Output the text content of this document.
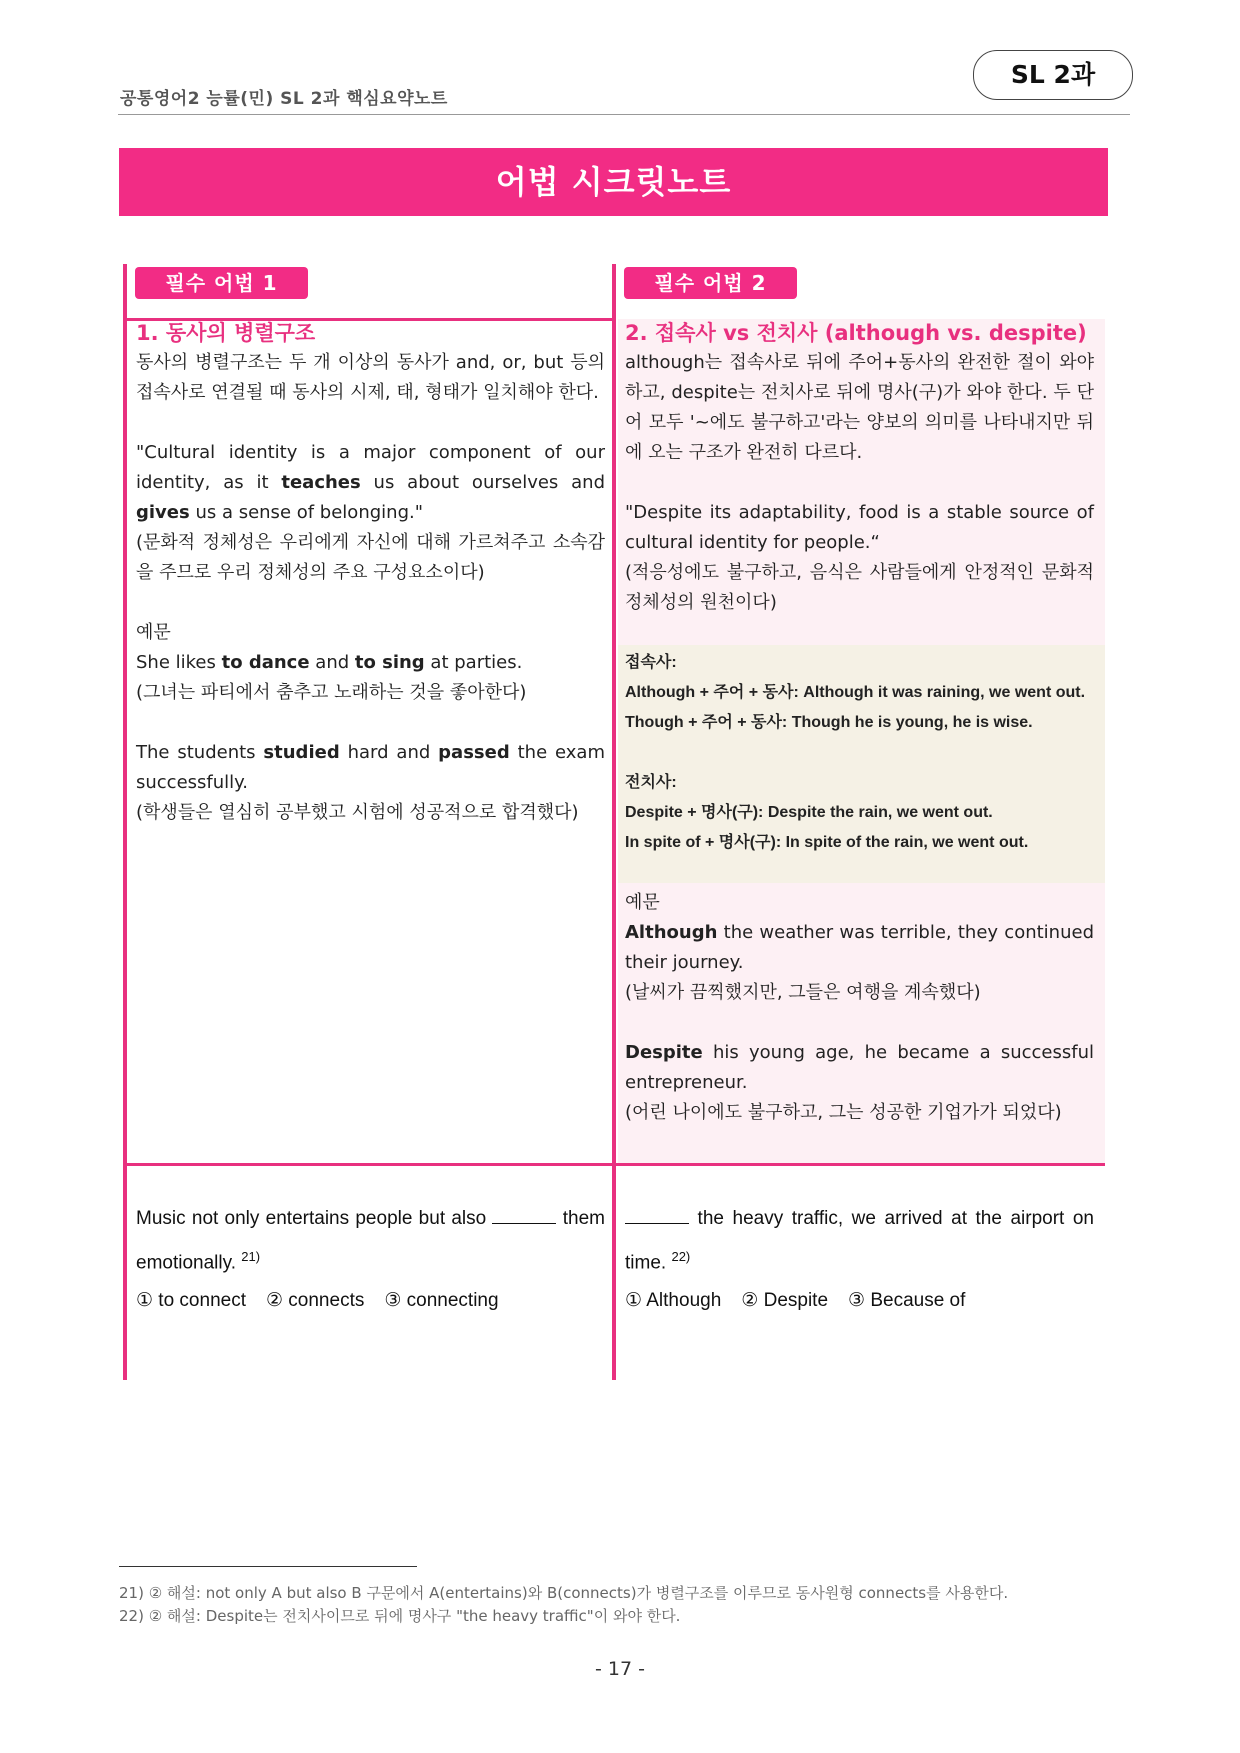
공통영어2 능률(민) SL 2과 핵심요약노트
SL 2과
어법 시크릿노트
필수 어법 1	필수 어법 2

1. 동사의 병렬구조

동사의 병렬구조는 두 개 이상의 동사가 and, or, but 등의 접속사로 연결될 때 동사의 시제, 태, 형태가 일치해야 한다.

"Cultural identity is a major component of our identity, as it teaches us about ourselves and gives us a sense of belonging."

(문화적 정체성은 우리에게 자신에 대해 가르쳐주고 소속감을 주므로 우리 정체성의 주요 구성요소이다)

예문

She likes to dance and to sing at parties.

(그녀는 파티에서 춤추고 노래하는 것을 좋아한다)

The students studied hard and passed the exam successfully.

(학생들은 열심히 공부했고 시험에 성공적으로 합격했다)

2. 접속사 vs 전치사 (although vs. despite)

although는 접속사로 뒤에 주어+동사의 완전한 절이 와야 하고, despite는 전치사로 뒤에 명사(구)가 와야 한다. 두 단어 모두 '~에도 불구하고'라는 양보의 의미를 나타내지만 뒤에 오는 구조가 완전히 다르다.

"Despite its adaptability, food is a stable source of cultural identity for people.“

(적응성에도 불구하고, 음식은 사람들에게 안정적인 문화적 정체성의 원천이다)

접속사:

Although + 주어 + 동사: Although it was raining, we went out.

Though + 주어 + 동사: Though he is young, he is wise.

전치사:

Despite + 명사(구): Despite the rain, we went out.

In spite of + 명사(구): In spite of the rain, we went out.

예문

Although the weather was terrible, they continued their journey.

(날씨가 끔찍했지만, 그들은 여행을 계속했다)

Despite his young age, he became a successful entrepreneur.

(어린 나이에도 불구하고, 그는 성공한 기업가가 되었다)

Music not only entertains people but also	them emotionally. $^{21)}$

① to connect ② connects ③ connecting

the heavy traffic, we arrived at the airport on time. $^{22)}$

① Although ② Despite ③ Because of

21) ② 해설: not only A but also B 구문에서 A(entertains)와 B(connects)가 병렬구조를 이루므로 동사원형 connects를 사용한다.
22) ② 해설: Despite는 전치사이므로 뒤에 명사구 "the heavy traffic"이 와야 한다.
- 17 -
